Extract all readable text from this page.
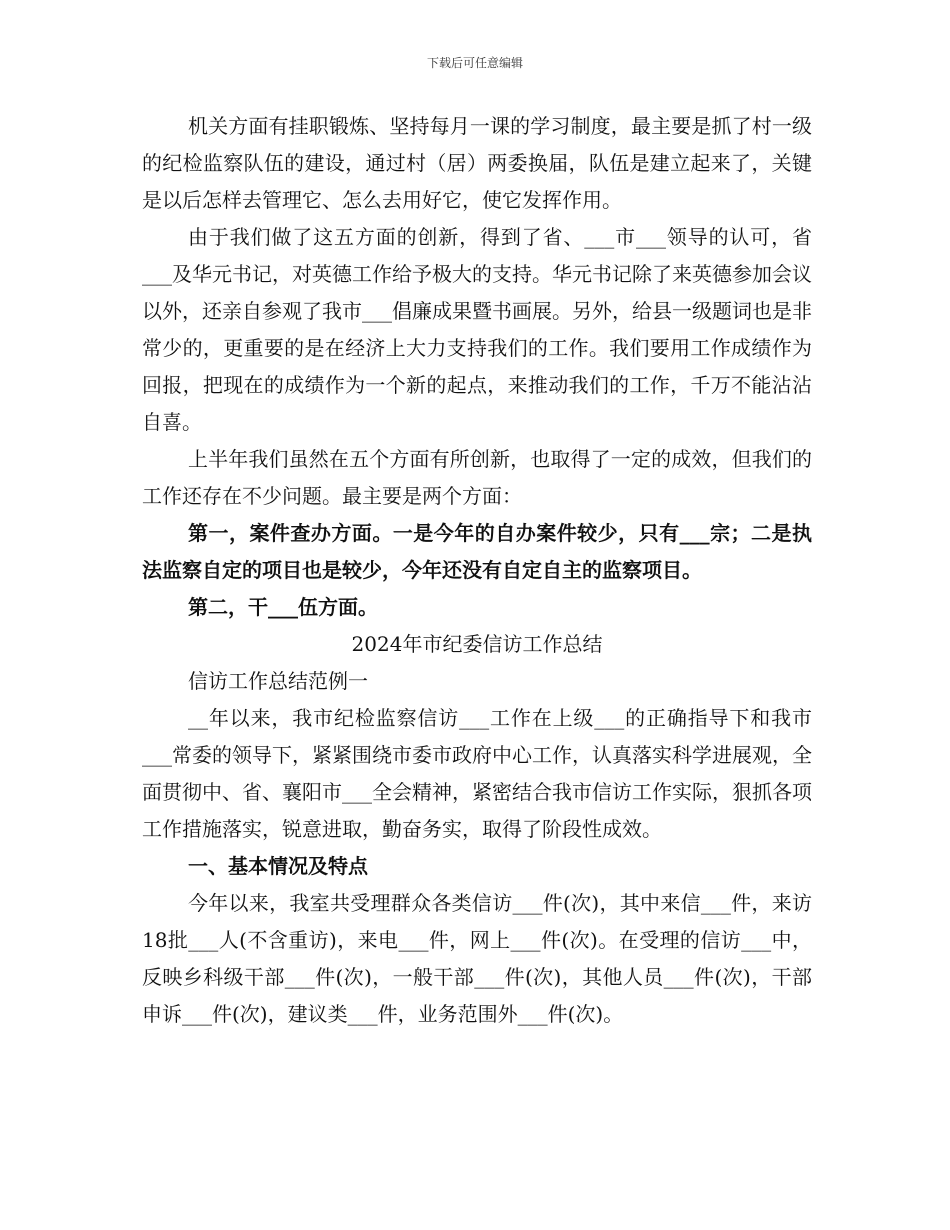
下载后可任意编辑

机关方面有挂职锻炼、坚持每月一课的学习制度，最主要是抓了村一级的纪检监察队伍的建设，通过村（居）两委换届，队伍是建立起来了，关键是以后怎样去管理它、怎么去用好它，使它发挥作用。

由于我们做了这五方面的创新，得到了省、___市___领导的认可，省___及华元书记，对英德工作给予极大的支持。华元书记除了来英德参加会议以外，还亲自参观了我市___倡廉成果暨书画展。另外，给县一级题词也是非常少的，更重要的是在经济上大力支持我们的工作。我们要用工作成绩作为回报，把现在的成绩作为一个新的起点，来推动我们的工作，千万不能沾沾自喜。

上半年我们虽然在五个方面有所创新，也取得了一定的成效，但我们的工作还存在不少问题。最主要是两个方面：

第一，案件查办方面。一是今年的自办案件较少，只有___宗；二是执法监察自定的项目也是较少，今年还没有自定自主的监察项目。

第二，干___伍方面。

2024年市纪委信访工作总结

信访工作总结范例一

__年以来，我市纪检监察信访___工作在上级___的正确指导下和我市___常委的领导下，紧紧围绕市委市政府中心工作，认真落实科学进展观，全面贯彻中、省、襄阳市___全会精神，紧密结合我市信访工作实际，狠抓各项工作措施落实，锐意进取，勤奋务实，取得了阶段性成效。

一、基本情况及特点

今年以来，我室共受理群众各类信访___件(次)，其中来信___件，来访18批___人(不含重访)，来电___件，网上___件(次)。在受理的信访___中，反映乡科级干部___件(次)，一般干部___件(次)，其他人员___件(次)，干部申诉___件(次)，建议类___件，业务范围外___件(次)。
